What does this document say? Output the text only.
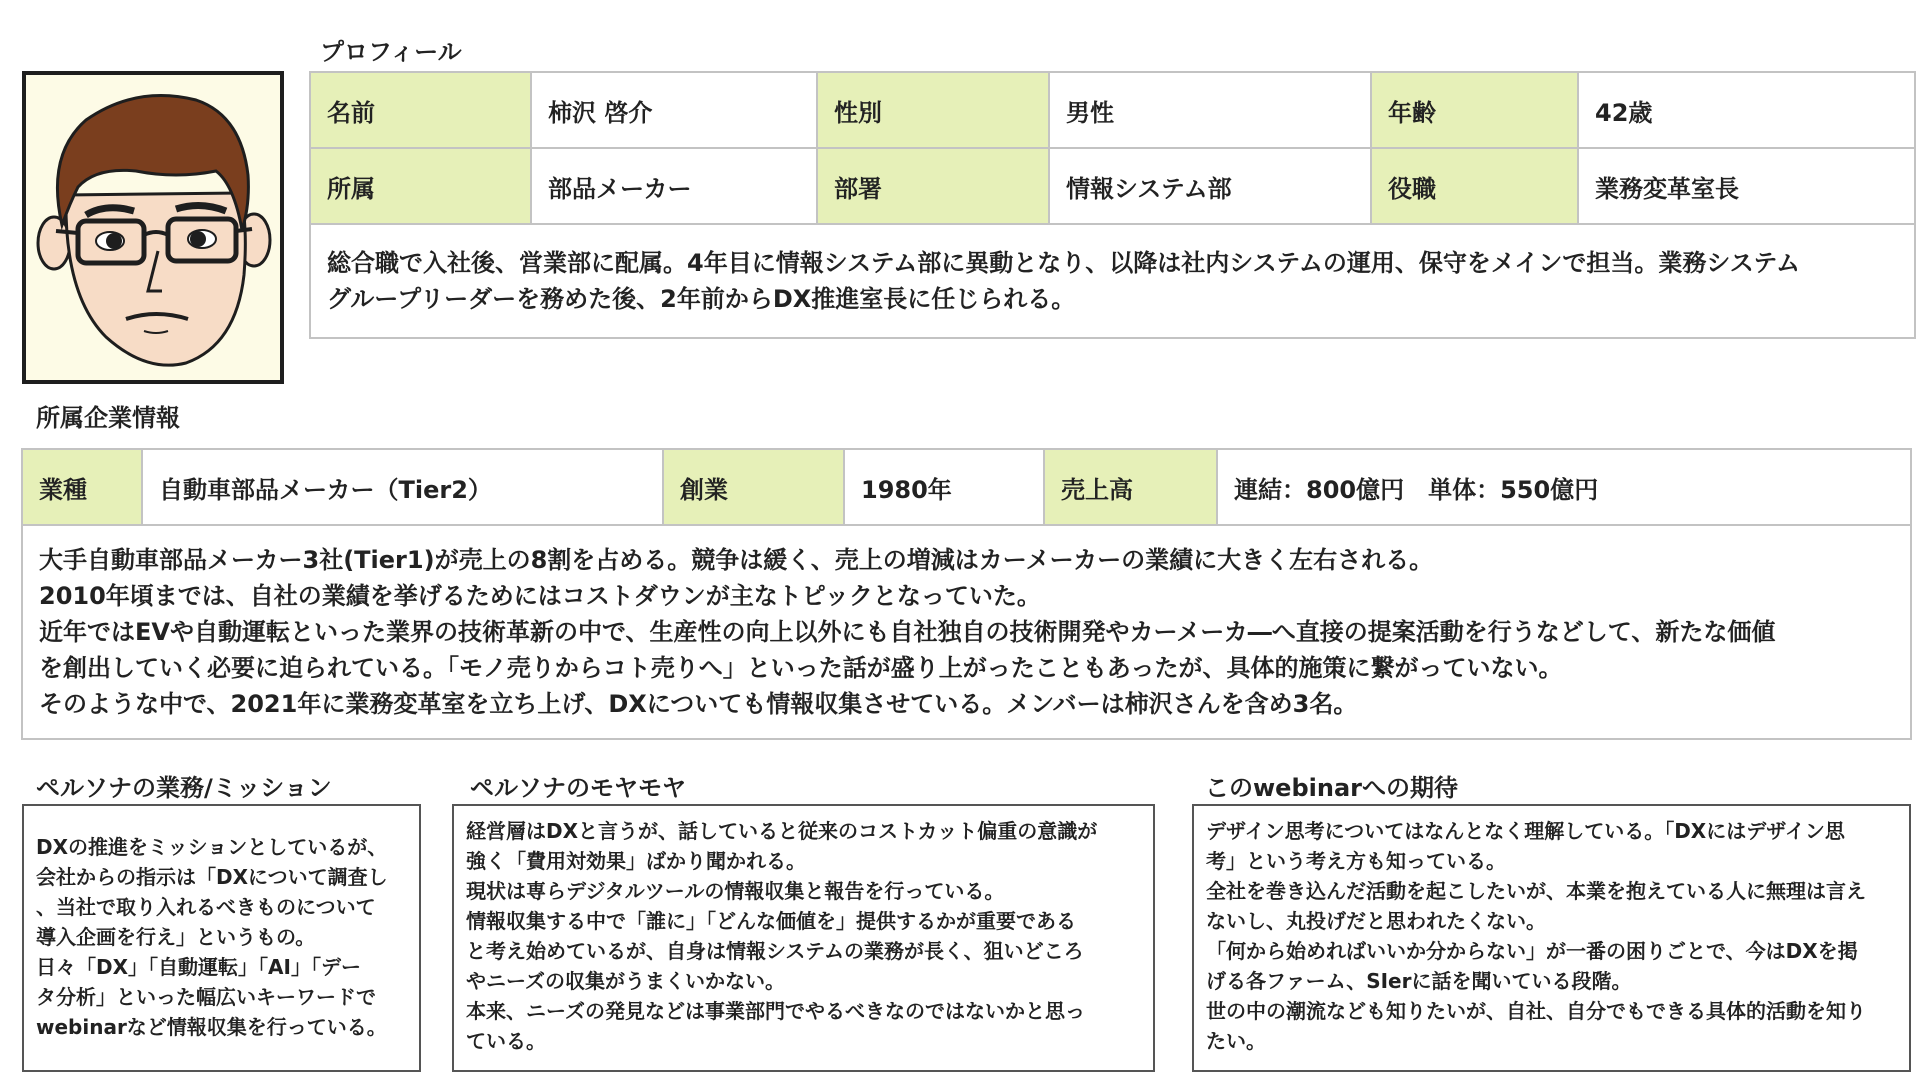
プロフィール
名前	柿沢 啓介	性別	男性	年齢	42歳
所属	部品メーカー	部署	情報システム部	役職	業務変革室長

総合職で入社後、営業部に配属。4年目に情報システム部に異動となり、以降は社内システムの運用、保守をメインで担当。業務システム
グループリーダーを務めた後、2年前からDX推進室長に任じられる。					
所属企業情報
業種	自動車部品メーカー（Tier2）	創業	1980年	売上高	連結：800億円　単体：550億円

大手自動車部品メーカー3社(Tier1)が売上の8割を占める。競争は緩く、売上の増減はカーメーカーの業績に大きく左右される。
2010年頃までは、自社の業績を挙げるためにはコストダウンが主なトピックとなっていた。
近年ではEVや自動運転といった業界の技術革新の中で、生産性の向上以外にも自社独自の技術開発やカーメーカ―へ直接の提案活動を行うなどして、新たな価値
を創出していく必要に迫られている。「モノ売りからコト売りへ」といった話が盛り上がったこともあったが、具体的施策に繋がっていない。
そのような中で、2021年に業務変革室を立ち上げ、DXについても情報収集させている。メンバーは柿沢さんを含め3名。
ペルソナの業務/ミッション
DXの推進をミッションとしているが、
会社からの指示は「DXについて調査し
、当社で取り入れるべきものについて
導入企画を行え」というもの。
日々「DX」「自動運転」「AI」「デー
タ分析」といった幅広いキーワードで
webinarなど情報収集を行っている。
ペルソナのモヤモヤ
経営層はDXと言うが、話していると従来のコストカット偏重の意識が
強く「費用対効果」ばかり聞かれる。
現状は専らデジタルツールの情報収集と報告を行っている。
情報収集する中で「誰に」「どんな価値を」提供するかが重要である
と考え始めているが、自身は情報システムの業務が長く、狙いどころ
やニーズの収集がうまくいかない。
本来、ニーズの発見などは事業部門でやるべきなのではないかと思っ
ている。
このwebinarへの期待
デザイン思考についてはなんとなく理解している。「DXにはデザイン思
考」という考え方も知っている。
全社を巻き込んだ活動を起こしたいが、本業を抱えている人に無理は言え
ないし、丸投げだと思われたくない。
「何から始めればいいか分からない」が一番の困りごとで、今はDXを掲
げる各ファーム、SIerに話を聞いている段階。
世の中の潮流なども知りたいが、自社、自分でもできる具体的活動を知り
たい。
